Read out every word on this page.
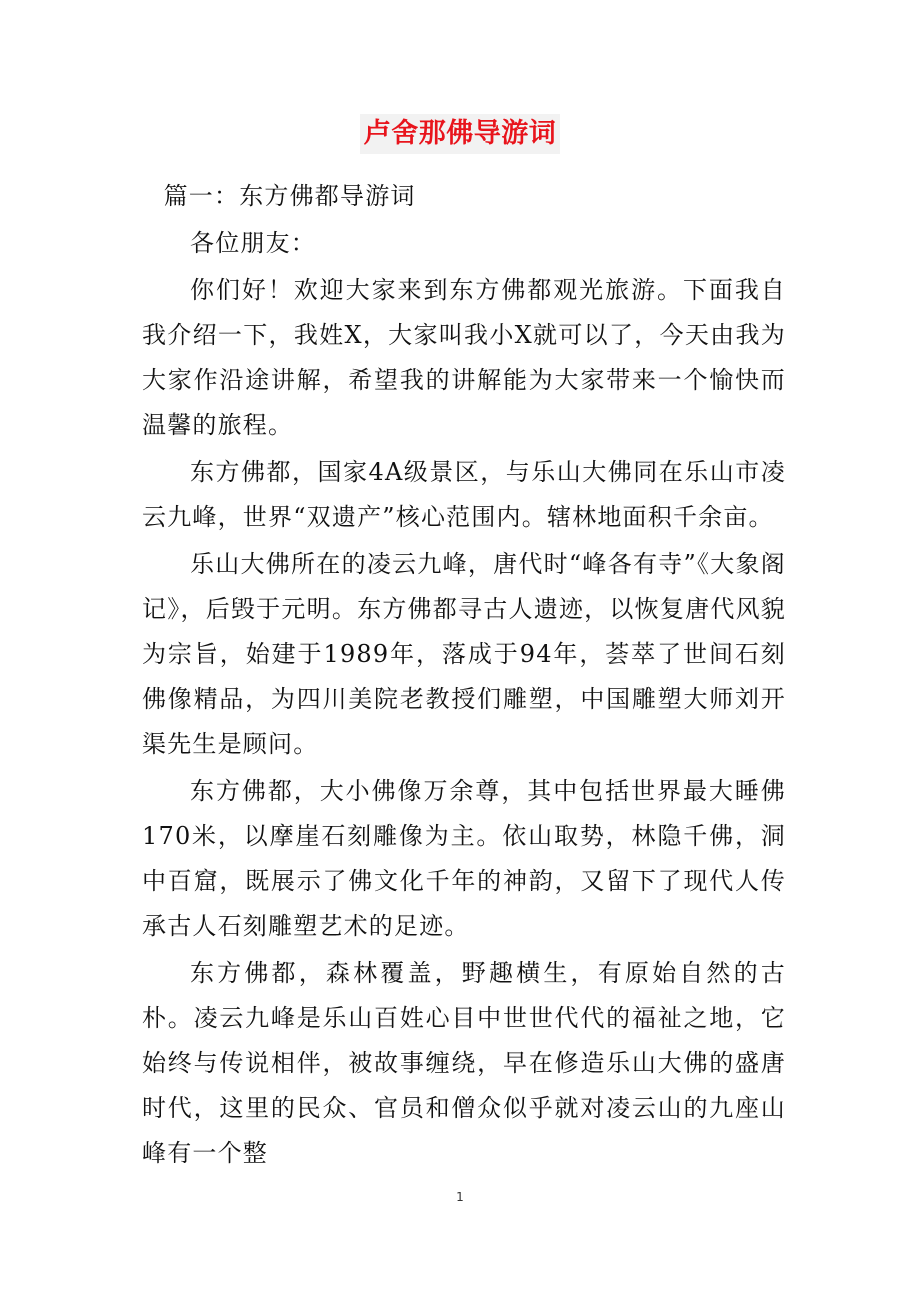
卢舍那佛导游词

篇一：东方佛都导游词

各位朋友：

你们好！欢迎大家来到东方佛都观光旅游。下面我自我介绍一下，我姓X，大家叫我小X就可以了，今天由我为大家作沿途讲解，希望我的讲解能为大家带来一个愉快而温馨的旅程。

东方佛都，国家4A级景区，与乐山大佛同在乐山市凌云九峰，世界“双遗产”核心范围内。辖林地面积千余亩。

乐山大佛所在的凌云九峰，唐代时“峰各有寺”《大象阁记》，后毁于元明。东方佛都寻古人遗迹，以恢复唐代风貌为宗旨，始建于1989年，落成于94年，荟萃了世间石刻佛像精品，为四川美院老教授们雕塑，中国雕塑大师刘开渠先生是顾问。

东方佛都，大小佛像万余尊，其中包括世界最大睡佛170米，以摩崖石刻雕像为主。依山取势，林隐千佛，洞中百窟，既展示了佛文化千年的神韵，又留下了现代人传承古人石刻雕塑艺术的足迹。

东方佛都，森林覆盖，野趣横生，有原始自然的古朴。凌云九峰是乐山百姓心目中世世代代的福祉之地，它始终与传说相伴，被故事缠绕，早在修造乐山大佛的盛唐时代，这里的民众、官员和僧众似乎就对凌云山的九座山峰有一个整

1
